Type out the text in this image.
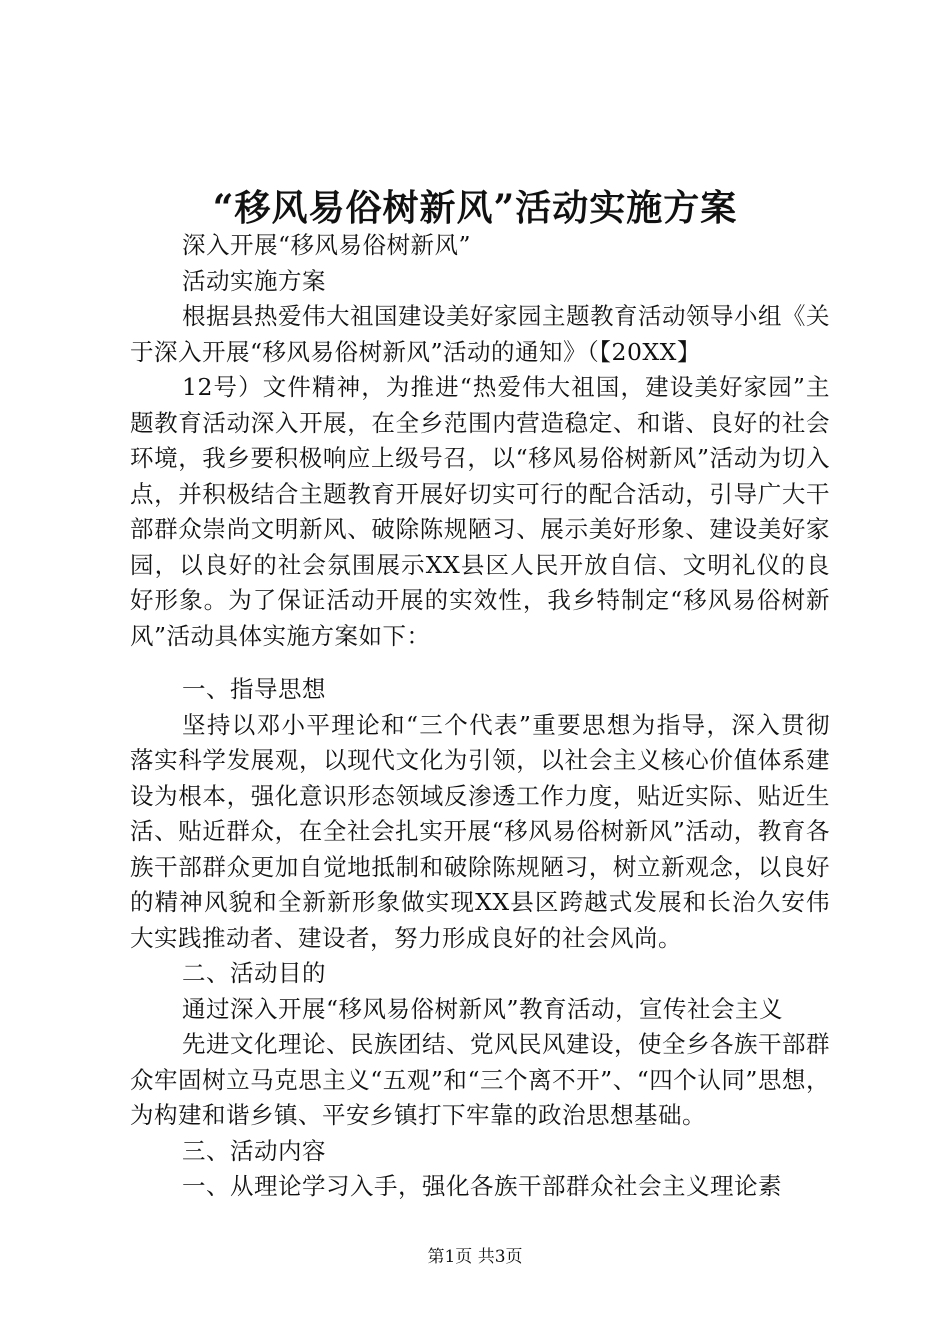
“移风易俗树新风”活动实施方案

深入开展“移风易俗树新风”

活动实施方案

根据县热爱伟大祖国建设美好家园主题教育活动领导小组《关于深入开展“移风易俗树新风”活动的通知》（【20XX】

12号）文件精神，为推进“热爱伟大祖国，建设美好家园”主题教育活动深入开展，在全乡范围内营造稳定、和谐、良好的社会环境，我乡要积极响应上级号召，以“移风易俗树新风”活动为切入点，并积极结合主题教育开展好切实可行的配合活动，引导广大干部群众崇尚文明新风、破除陈规陋习、展示美好形象、建设美好家园，以良好的社会氛围展示XX县区人民开放自信、文明礼仪的良好形象。为了保证活动开展的实效性，我乡特制定“移风易俗树新风”活动具体实施方案如下：

一、指导思想

坚持以邓小平理论和“三个代表”重要思想为指导，深入贯彻落实科学发展观，以现代文化为引领，以社会主义核心价值体系建设为根本，强化意识形态领域反渗透工作力度，贴近实际、贴近生活、贴近群众，在全社会扎实开展“移风易俗树新风”活动，教育各族干部群众更加自觉地抵制和破除陈规陋习，树立新观念，以良好的精神风貌和全新新形象做实现XX县区跨越式发展和长治久安伟大实践推动者、建设者，努力形成良好的社会风尚。

二、活动目的

通过深入开展“移风易俗树新风”教育活动，宣传社会主义

先进文化理论、民族团结、党风民风建设，使全乡各族干部群众牢固树立马克思主义“五观”和“三个离不开”、“四个认同”思想，为构建和谐乡镇、平安乡镇打下牢靠的政治思想基础。

三、活动内容

一、从理论学习入手，强化各族干部群众社会主义理论素

第1页 共3页
